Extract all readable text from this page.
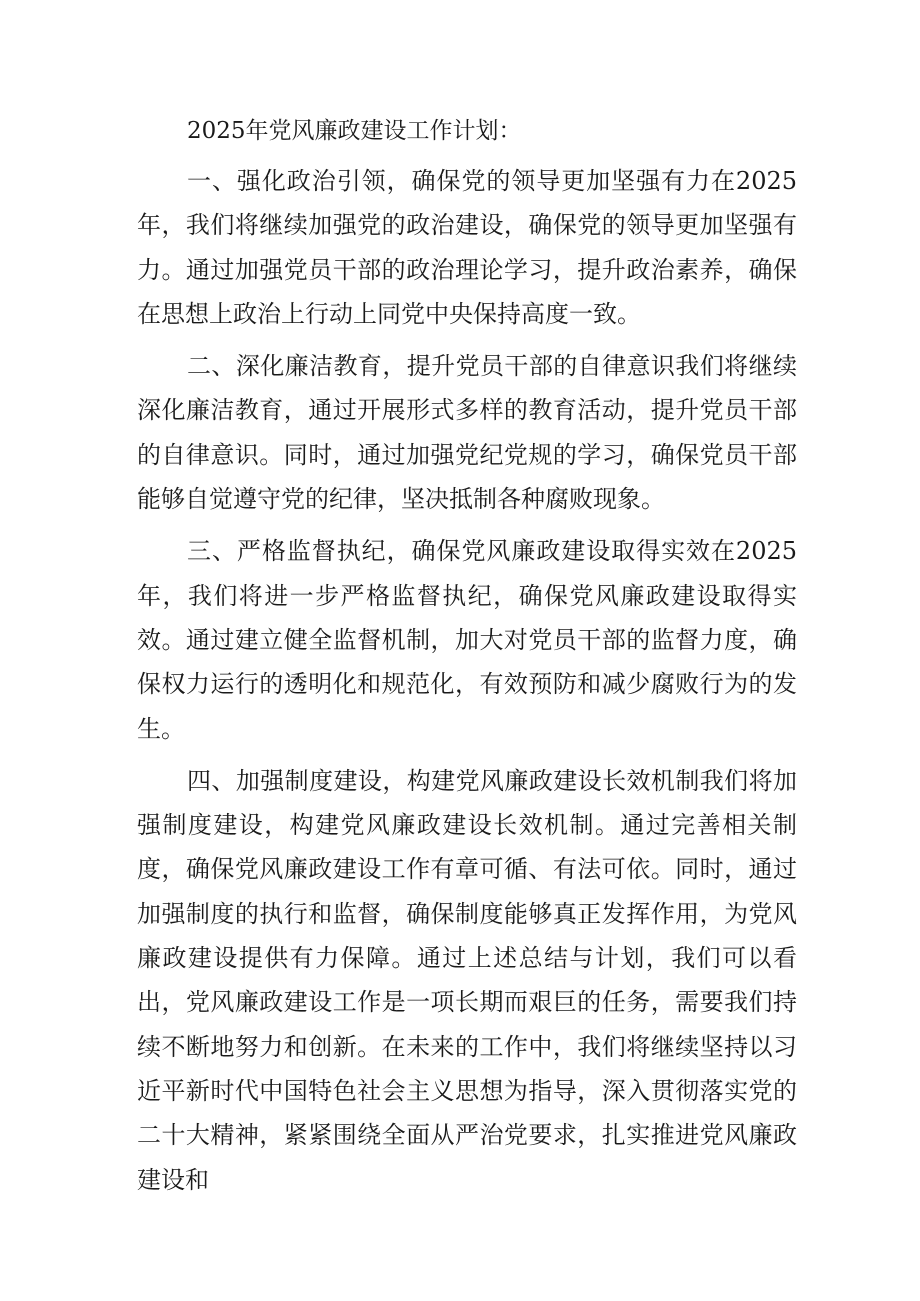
2025年党风廉政建设工作计划：

一、强化政治引领，确保党的领导更加坚强有力在2025年，我们将继续加强党的政治建设，确保党的领导更加坚强有力。通过加强党员干部的政治理论学习，提升政治素养，确保在思想上政治上行动上同党中央保持高度一致。

二、深化廉洁教育，提升党员干部的自律意识我们将继续深化廉洁教育，通过开展形式多样的教育活动，提升党员干部的自律意识。同时，通过加强党纪党规的学习，确保党员干部能够自觉遵守党的纪律，坚决抵制各种腐败现象。

三、严格监督执纪，确保党风廉政建设取得实效在2025年，我们将进一步严格监督执纪，确保党风廉政建设取得实效。通过建立健全监督机制，加大对党员干部的监督力度，确保权力运行的透明化和规范化，有效预防和减少腐败行为的发生。

四、加强制度建设，构建党风廉政建设长效机制我们将加强制度建设，构建党风廉政建设长效机制。通过完善相关制度，确保党风廉政建设工作有章可循、有法可依。同时，通过加强制度的执行和监督，确保制度能够真正发挥作用，为党风廉政建设提供有力保障。通过上述总结与计划，我们可以看出，党风廉政建设工作是一项长期而艰巨的任务，需要我们持续不断地努力和创新。在未来的工作中，我们将继续坚持以习近平新时代中国特色社会主义思想为指导，深入贯彻落实党的二十大精神，紧紧围绕全面从严治党要求，扎实推进党风廉政建设和
